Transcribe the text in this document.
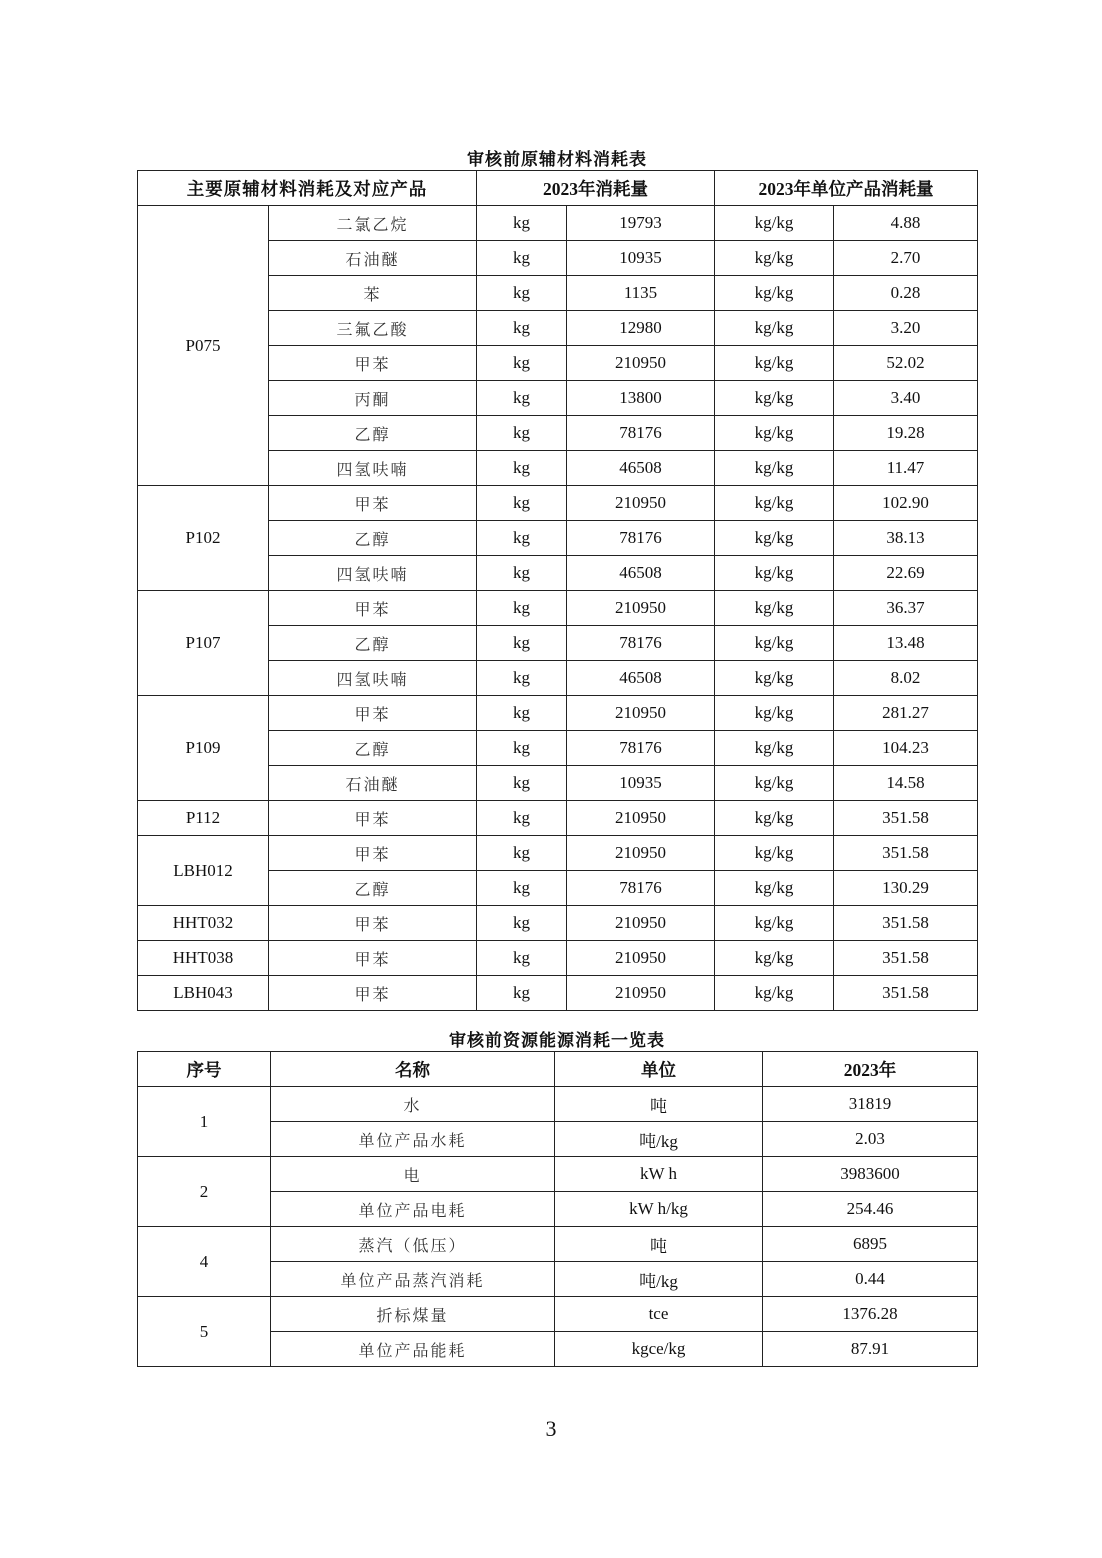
审核前原辅材料消耗表
主要原辅材料消耗及对应产品		2023年消耗量		2023年单位产品消耗量	
P075	二氯乙烷	kg	19793	kg/kg	4.88
	石油醚	kg	10935	kg/kg	2.70
	苯	kg	1135	kg/kg	0.28
	三氟乙酸	kg	12980	kg/kg	3.20
	甲苯	kg	210950	kg/kg	52.02
	丙酮	kg	13800	kg/kg	3.40
	乙醇	kg	78176	kg/kg	19.28
	四氢呋喃	kg	46508	kg/kg	11.47
P102	甲苯	kg	210950	kg/kg	102.90
	乙醇	kg	78176	kg/kg	38.13
	四氢呋喃	kg	46508	kg/kg	22.69
P107	甲苯	kg	210950	kg/kg	36.37
	乙醇	kg	78176	kg/kg	13.48
	四氢呋喃	kg	46508	kg/kg	8.02
P109	甲苯	kg	210950	kg/kg	281.27
	乙醇	kg	78176	kg/kg	104.23
	石油醚	kg	10935	kg/kg	14.58
P112	甲苯	kg	210950	kg/kg	351.58
LBH012	甲苯	kg	210950	kg/kg	351.58
	乙醇	kg	78176	kg/kg	130.29
HHT032	甲苯	kg	210950	kg/kg	351.58
HHT038	甲苯	kg	210950	kg/kg	351.58
LBH043	甲苯	kg	210950	kg/kg	351.58
审核前资源能源消耗一览表
序号	名称	单位	2023年
1	水	吨	31819
	单位产品水耗	吨/kg	2.03
2	电	kW h	3983600
	单位产品电耗	kW h/kg	254.46
4	蒸汽（低压）	吨	6895
	单位产品蒸汽消耗	吨/kg	0.44
5	折标煤量	tce	1376.28
	单位产品能耗	kgce/kg	87.91
3
